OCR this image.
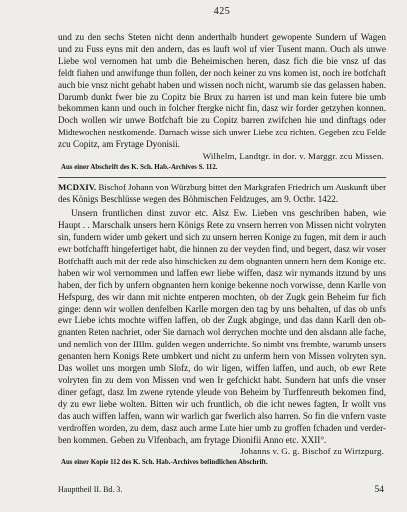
425
und zu den sechs Steten nicht denn anderthalb hundert gewopente Sundern uf Wagen
und zu Fuss eyns mit den andern, das es lauft wol uf vier Tusent mann. Ouch als unwe
Liebe wol vernomen hat umb die Beheimischen heren, dasz fich die bie vnsz uf das
feldt fiahen und anwifunge thun follen, der noch keiner zu vns komen ist, noch ire botfchaft
auch bie vnsz nicht gehabt haben und wissen noch nicht, warumb sie das gelassen haben.
Darumb dunkt fwer bie zu Copitz bie Brux zu harren ist und man kein futere bie umb
bekommen kann und ouch in folcher ftergke nicht fin, dasz wir forder getzyhen konnen.
Doch wollen wir unwe Botfchaft bie zu Copitz barren zwifchen hie und dinftags oder
Midtewochen nestkomende. Darnach wisse sich unwer Liebe zcu richten. Gegeben zcu Felde
zcu Copitz, am Frytage Dyonisii.
Wilhelm, Landtgr. in dor. v. Marggr. zcu Missen.
Aus einer Abschrift des K. Sch. Hab.-Archives S. 112.
MCDXIV. Bischof Johann von Würzburg bittet den Markgrafen Friedrich um Auskunft über
des Königs Beschlüsse wegen des Böhmischen Feldzuges, am 9. Octbr. 1422.
Unsern fruntlichen dinst zuvor etc. Alsz Ew. Lieben vns geschriben haben, wie
Haupt . . Marschalk unsers hern Königs Rete zu vnsern herren von Missen nicht volryten
sin, fundern wider umb gekert und sich zu unsern herren Konige zu fugen, mit dem ir auch
ewr botfchafft hingefertiget habt, die hinnen zu der veyden find, und begert, dasz wir voser
Botfchafft auch mit der rede also hinschicken zu dem obgnanten unnern hern dem Konige etc.
haben wir wol vernommen und laffen ewr liebe wiffen, dasz wir nymands itzund by uns
haben, der fich by unfern obgnanten hern konige bekenne noch vorwisse, denn Karlle von
Hefspurg, des wir dann mit nichte entperen mochten, ob der Zugk gein Beheim fur fich
ginge: denn wir wollen denfelben Karlle morgen den tag by uns behalten, uf das ob unfs
ewr Liebe ichts mochte wiffen laffen, ob der Zugk abginge, und das dann Karll den ob-
gnanten Reten nachriet, oder Sie darnach wol derrychen mochte und den alsdann alle fache,
und nemlich von der IIIIm. gulden wegen underrichte. So nimbt vns frembte, warumb unsers
genanten hern Konigs Rete umbkert und nicht zu unferm hern von Missen volryten syn.
Das wollet uns morgen umb Slofz, do wir ligen, wiffen laffen, und auch, ob ewr Rete
volryten fin zu dem von Missen vnd wen Ir gefchickt habt. Sundern hat unfs die vnser
diner gefagt, dasz Im zwene rytende yleude von Beheim by Turffenreuth bekomen find,
dy zu ewr liebe wolten. Bitten wir uch fruntlich, ob die icht newes fagten, Ir wollt vns
das auch wiffen laffen, wann wir warlich gar fwerlich also harren. So fin die vnfern vaste
verdroffen worden, zu dem, dasz auch arme Lute hier umb zu groffen fchaden und verder-
ben kommen. Geben zu Vlfenbach, am frytage Dionifii Anno etc. XXII°.
Johanns v. G. g. Bischof zu Wirtzpurg.
Aus einer Kopie 112 des K. Sch. Hab.-Archives befindlichen Abschrift.
Haupttheil II. Bd. 3.	54
